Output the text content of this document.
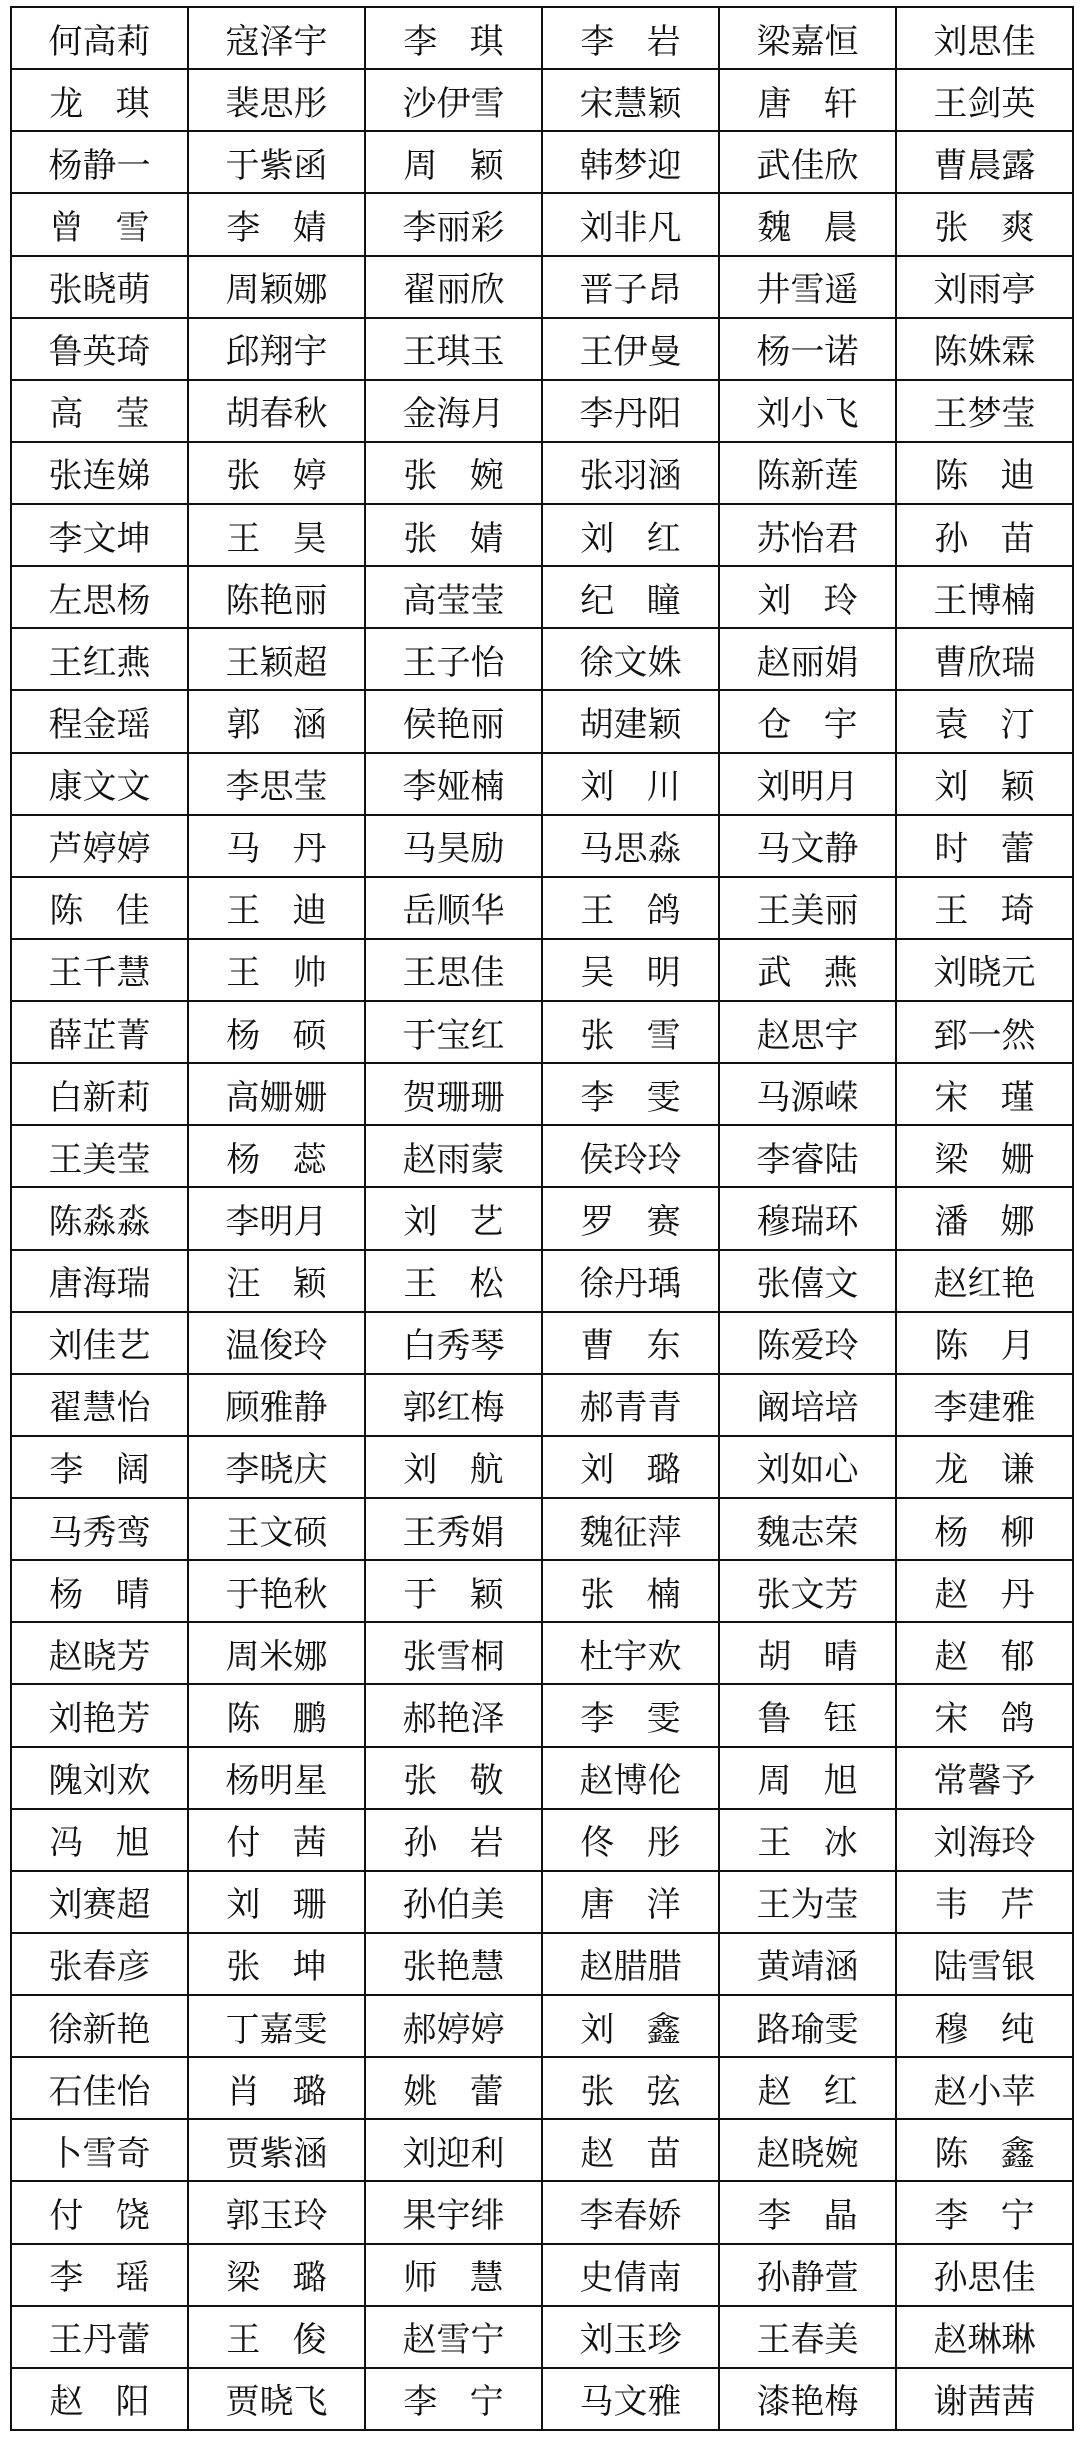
何高莉	寇泽宇	李琪	李岩	梁嘉恒	刘思佳
龙琪	裴思彤	沙伊雪	宋慧颖	唐轩	王剑英
杨静一	于紫函	周颖	韩梦迎	武佳欣	曹晨露
曾雪	李婧	李丽彩	刘非凡	魏晨	张爽
张晓萌	周颖娜	翟丽欣	晋子昂	井雪遥	刘雨亭
鲁英琦	邱翔宇	王琪玉	王伊曼	杨一诺	陈姝霖
高莹	胡春秋	金海月	李丹阳	刘小飞	王梦莹
张连娣	张婷	张婉	张羽涵	陈新莲	陈迪
李文坤	王昊	张婧	刘红	苏怡君	孙苗
左思杨	陈艳丽	高莹莹	纪瞳	刘玲	王博楠
王红燕	王颖超	王子怡	徐文姝	赵丽娟	曹欣瑞
程金瑶	郭涵	侯艳丽	胡建颖	仓宇	袁汀
康文文	李思莹	李娅楠	刘川	刘明月	刘颖
芦婷婷	马丹	马昊励	马思淼	马文静	时蕾
陈佳	王迪	岳顺华	王鸽	王美丽	王琦
王千慧	王帅	王思佳	吴明	武燕	刘晓元
薛芷菁	杨硕	于宝红	张雪	赵思宇	郅一然
白新莉	高姗姗	贺珊珊	李雯	马源嵘	宋瑾
王美莹	杨蕊	赵雨蒙	侯玲玲	李睿陆	梁姗
陈淼淼	李明月	刘艺	罗赛	穆瑞环	潘娜
唐海瑞	汪颖	王松	徐丹瑀	张僖文	赵红艳
刘佳艺	温俊玲	白秀琴	曹东	陈爱玲	陈月
翟慧怡	顾雅静	郭红梅	郝青青	阚培培	李建雅
李阔	李晓庆	刘航	刘璐	刘如心	龙谦
马秀鸾	王文硕	王秀娟	魏征萍	魏志荣	杨柳
杨晴	于艳秋	于颖	张楠	张文芳	赵丹
赵晓芳	周米娜	张雪桐	杜宇欢	胡晴	赵郁
刘艳芳	陈鹏	郝艳泽	李雯	鲁钰	宋鸽
隗刘欢	杨明星	张敬	赵博伦	周旭	常馨予
冯旭	付茜	孙岩	佟彤	王冰	刘海玲
刘赛超	刘珊	孙伯美	唐洋	王为莹	韦芹
张春彦	张坤	张艳慧	赵腊腊	黄靖涵	陆雪银
徐新艳	丁嘉雯	郝婷婷	刘鑫	路瑜雯	穆纯
石佳怡	肖璐	姚蕾	张弦	赵红	赵小苹
卜雪奇	贾紫涵	刘迎利	赵苗	赵晓婉	陈鑫
付饶	郭玉玲	果宇绯	李春娇	李晶	李宁
李瑶	梁璐	师慧	史倩南	孙静萱	孙思佳
王丹蕾	王俊	赵雪宁	刘玉珍	王春美	赵琳琳
赵阳	贾晓飞	李宁	马文雅	漆艳梅	谢茜茜
